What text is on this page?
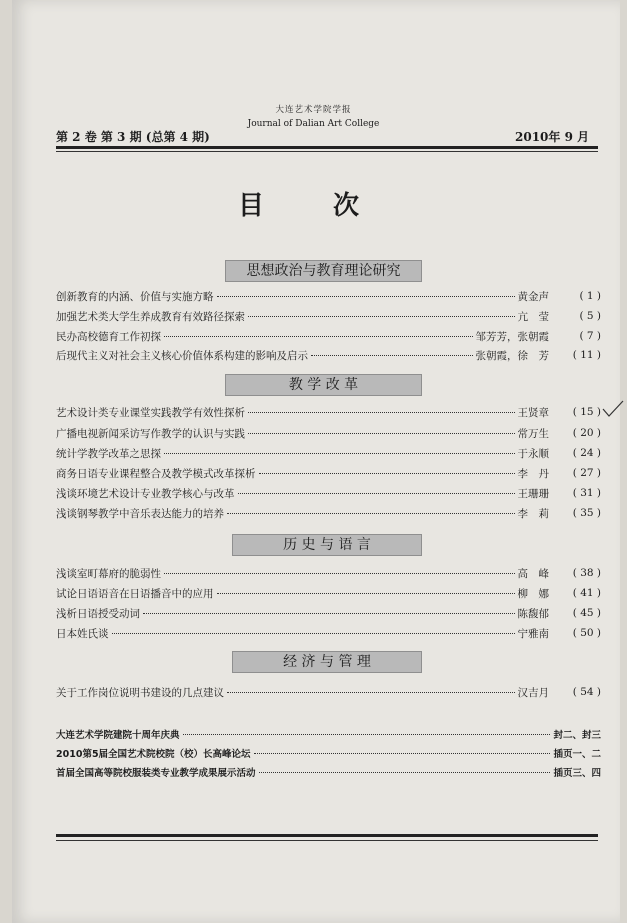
大连艺术学院学报
Journal of Dalian Art College
第 2 卷 第 3 期 (总第 4 期)	2010年 9 月
目 次
思想政治与教育理论研究
创新教育的内涵、价值与实施方略	黄金声	( 1 )
加强艺术类大学生养成教育有效路径探索	亢　莹	( 5 )
民办高校德育工作初探	邹芳芳，张朝霞	( 7 )
后现代主义对社会主义核心价值体系构建的影响及启示	张朝霞，徐　芳	( 11 )
教 学 改 革
艺术设计类专业课堂实践教学有效性探析	王贤章	( 15 )
广播电视新闻采访写作教学的认识与实践	常万生	( 20 )
统计学教学改革之思探	于永顺	( 24 )
商务日语专业课程整合及教学模式改革探析	李　丹	( 27 )
浅谈环境艺术设计专业教学核心与改革	王珊珊	( 31 )
浅谈钢琴教学中音乐表达能力的培养	李　莉	( 35 )
历 史 与 语 言
浅谈室町幕府的脆弱性	高　峰	( 38 )
试论日语语音在日语播音中的应用	柳　娜	( 41 )
浅析日语授受动词	陈馥郁	( 45 )
日本姓氏谈	宁雅南	( 50 )
经 济 与 管 理
关于工作岗位说明书建设的几点建议	汉吉月	( 54 )
大连艺术学院建院十周年庆典	封二、封三
2010第5届全国艺术院校院（校）长高峰论坛	插页一、二
首届全国高等院校服装类专业教学成果展示活动	插页三、四
